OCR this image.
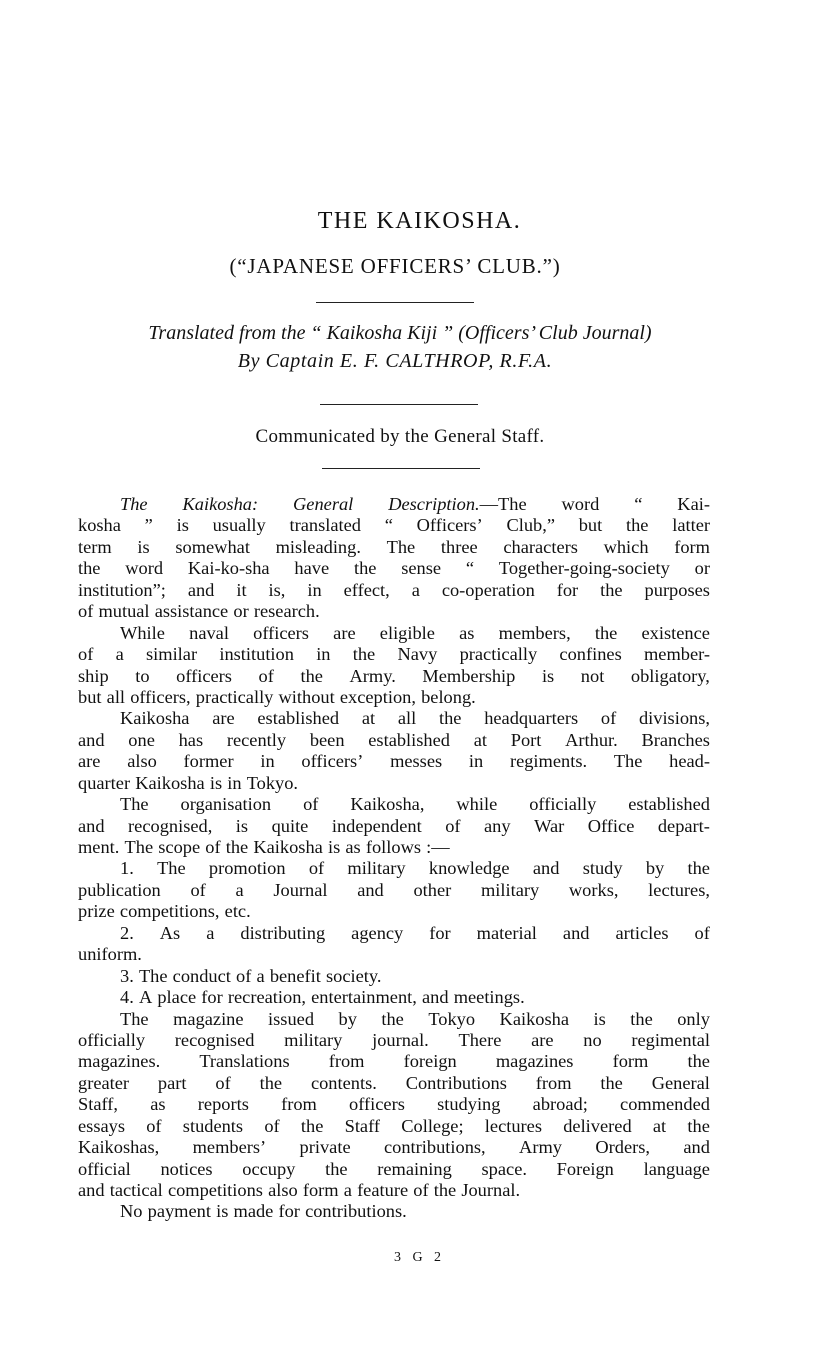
THE KAIKOSHA.
(“JAPANESE OFFICERS’ CLUB.”)
Translated from the “ Kaikosha Kiji ” (Officers’ Club Journal)
By Captain E. F. CALTHROP, R.F.A.
Communicated by the General Staff.
The Kaikosha: General Description.—The word “ Kai-
kosha ” is usually translated “ Officers’ Club,” but the latter
term is somewhat misleading. The three characters which form
the word Kai-ko-sha have the sense “ Together-going-society or
institution”; and it is, in effect, a co-operation for the purposes
of mutual assistance or research.
While naval officers are eligible as members, the existence
of a similar institution in the Navy practically confines member-
ship to officers of the Army. Membership is not obligatory,
but all officers, practically without exception, belong.
Kaikosha are established at all the headquarters of divisions,
and one has recently been established at Port Arthur. Branches
are also former in officers’ messes in regiments. The head-
quarter Kaikosha is in Tokyo.
The organisation of Kaikosha, while officially established
and recognised, is quite independent of any War Office depart-
ment. The scope of the Kaikosha is as follows :—
1. The promotion of military knowledge and study by the
publication of a Journal and other military works, lectures,
prize competitions, etc.
2. As a distributing agency for material and articles of
uniform.
3. The conduct of a benefit society.
4. A place for recreation, entertainment, and meetings.
The magazine issued by the Tokyo Kaikosha is the only
officially recognised military journal. There are no regimental
magazines. Translations from foreign magazines form the
greater part of the contents. Contributions from the General
Staff, as reports from officers studying abroad; commended
essays of students of the Staff College; lectures delivered at the
Kaikoshas, members’ private contributions, Army Orders, and
official notices occupy the remaining space. Foreign language
and tactical competitions also form a feature of the Journal.
No payment is made for contributions.
3 G 2
